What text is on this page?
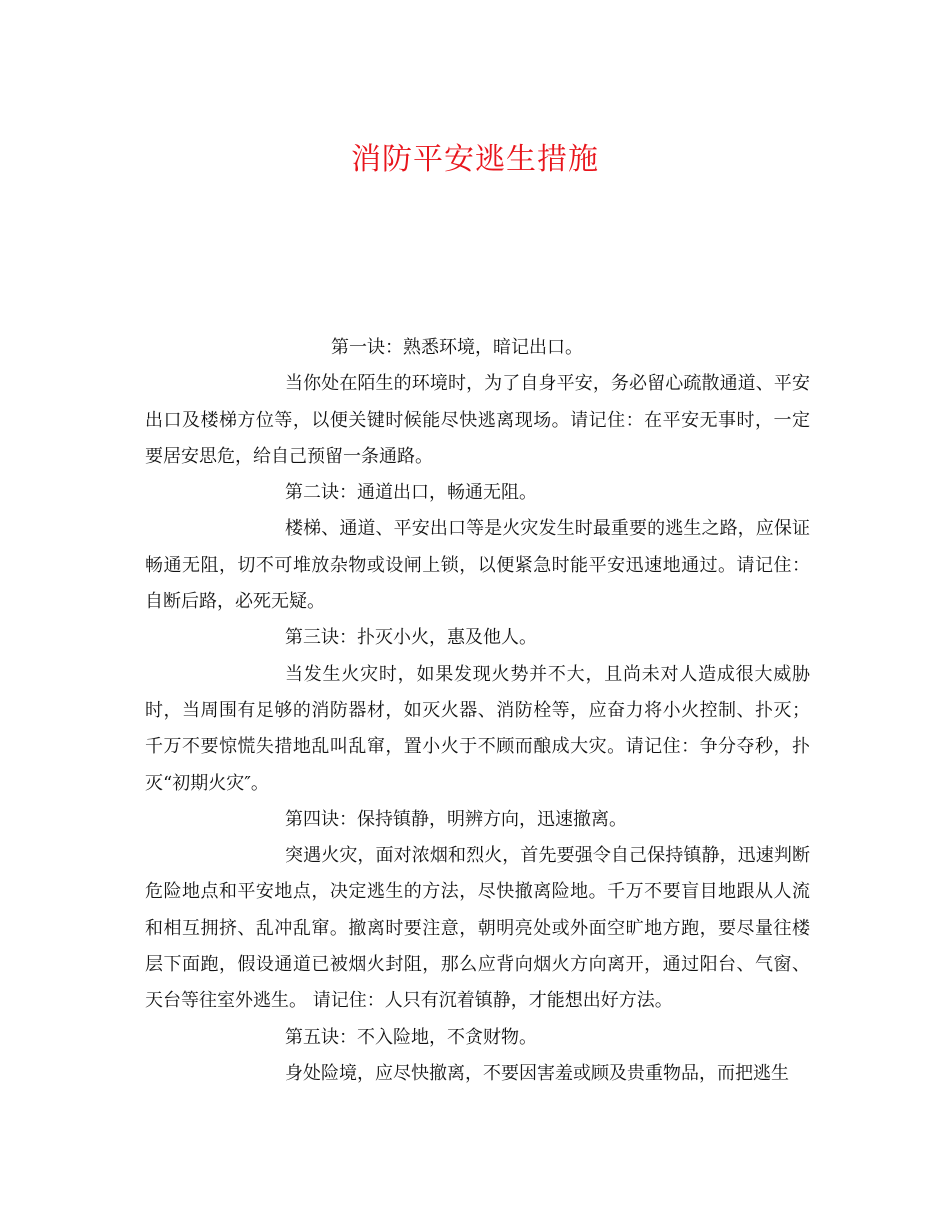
消防平安逃生措施

第一诀：熟悉环境，暗记出口。

当你处在陌生的环境时，为了自身平安，务必留心疏散通道、平安出口及楼梯方位等，以便关键时候能尽快逃离现场。请记住：在平安无事时，一定要居安思危，给自己预留一条通路。

第二诀：通道出口，畅通无阻。

楼梯、通道、平安出口等是火灾发生时最重要的逃生之路，应保证畅通无阻，切不可堆放杂物或设闸上锁，以便紧急时能平安迅速地通过。请记住：自断后路，必死无疑。

第三诀：扑灭小火，惠及他人。

当发生火灾时，如果发现火势并不大，且尚未对人造成很大威胁时，当周围有足够的消防器材，如灭火器、消防栓等，应奋力将小火控制、扑灭；千万不要惊慌失措地乱叫乱窜，置小火于不顾而酿成大灾。请记住：争分夺秒，扑灭“初期火灾″。

第四诀：保持镇静，明辨方向，迅速撤离。

突遇火灾，面对浓烟和烈火，首先要强令自己保持镇静，迅速判断危险地点和平安地点，决定逃生的方法，尽快撤离险地。千万不要盲目地跟从人流和相互拥挤、乱冲乱窜。撤离时要注意，朝明亮处或外面空旷地方跑，要尽量往楼层下面跑，假设通道已被烟火封阻，那么应背向烟火方向离开，通过阳台、气窗、天台等往室外逃生。 请记住：人只有沉着镇静，才能想出好方法。

第五诀：不入险地，不贪财物。

身处险境，应尽快撤离，不要因害羞或顾及贵重物品，而把逃生
